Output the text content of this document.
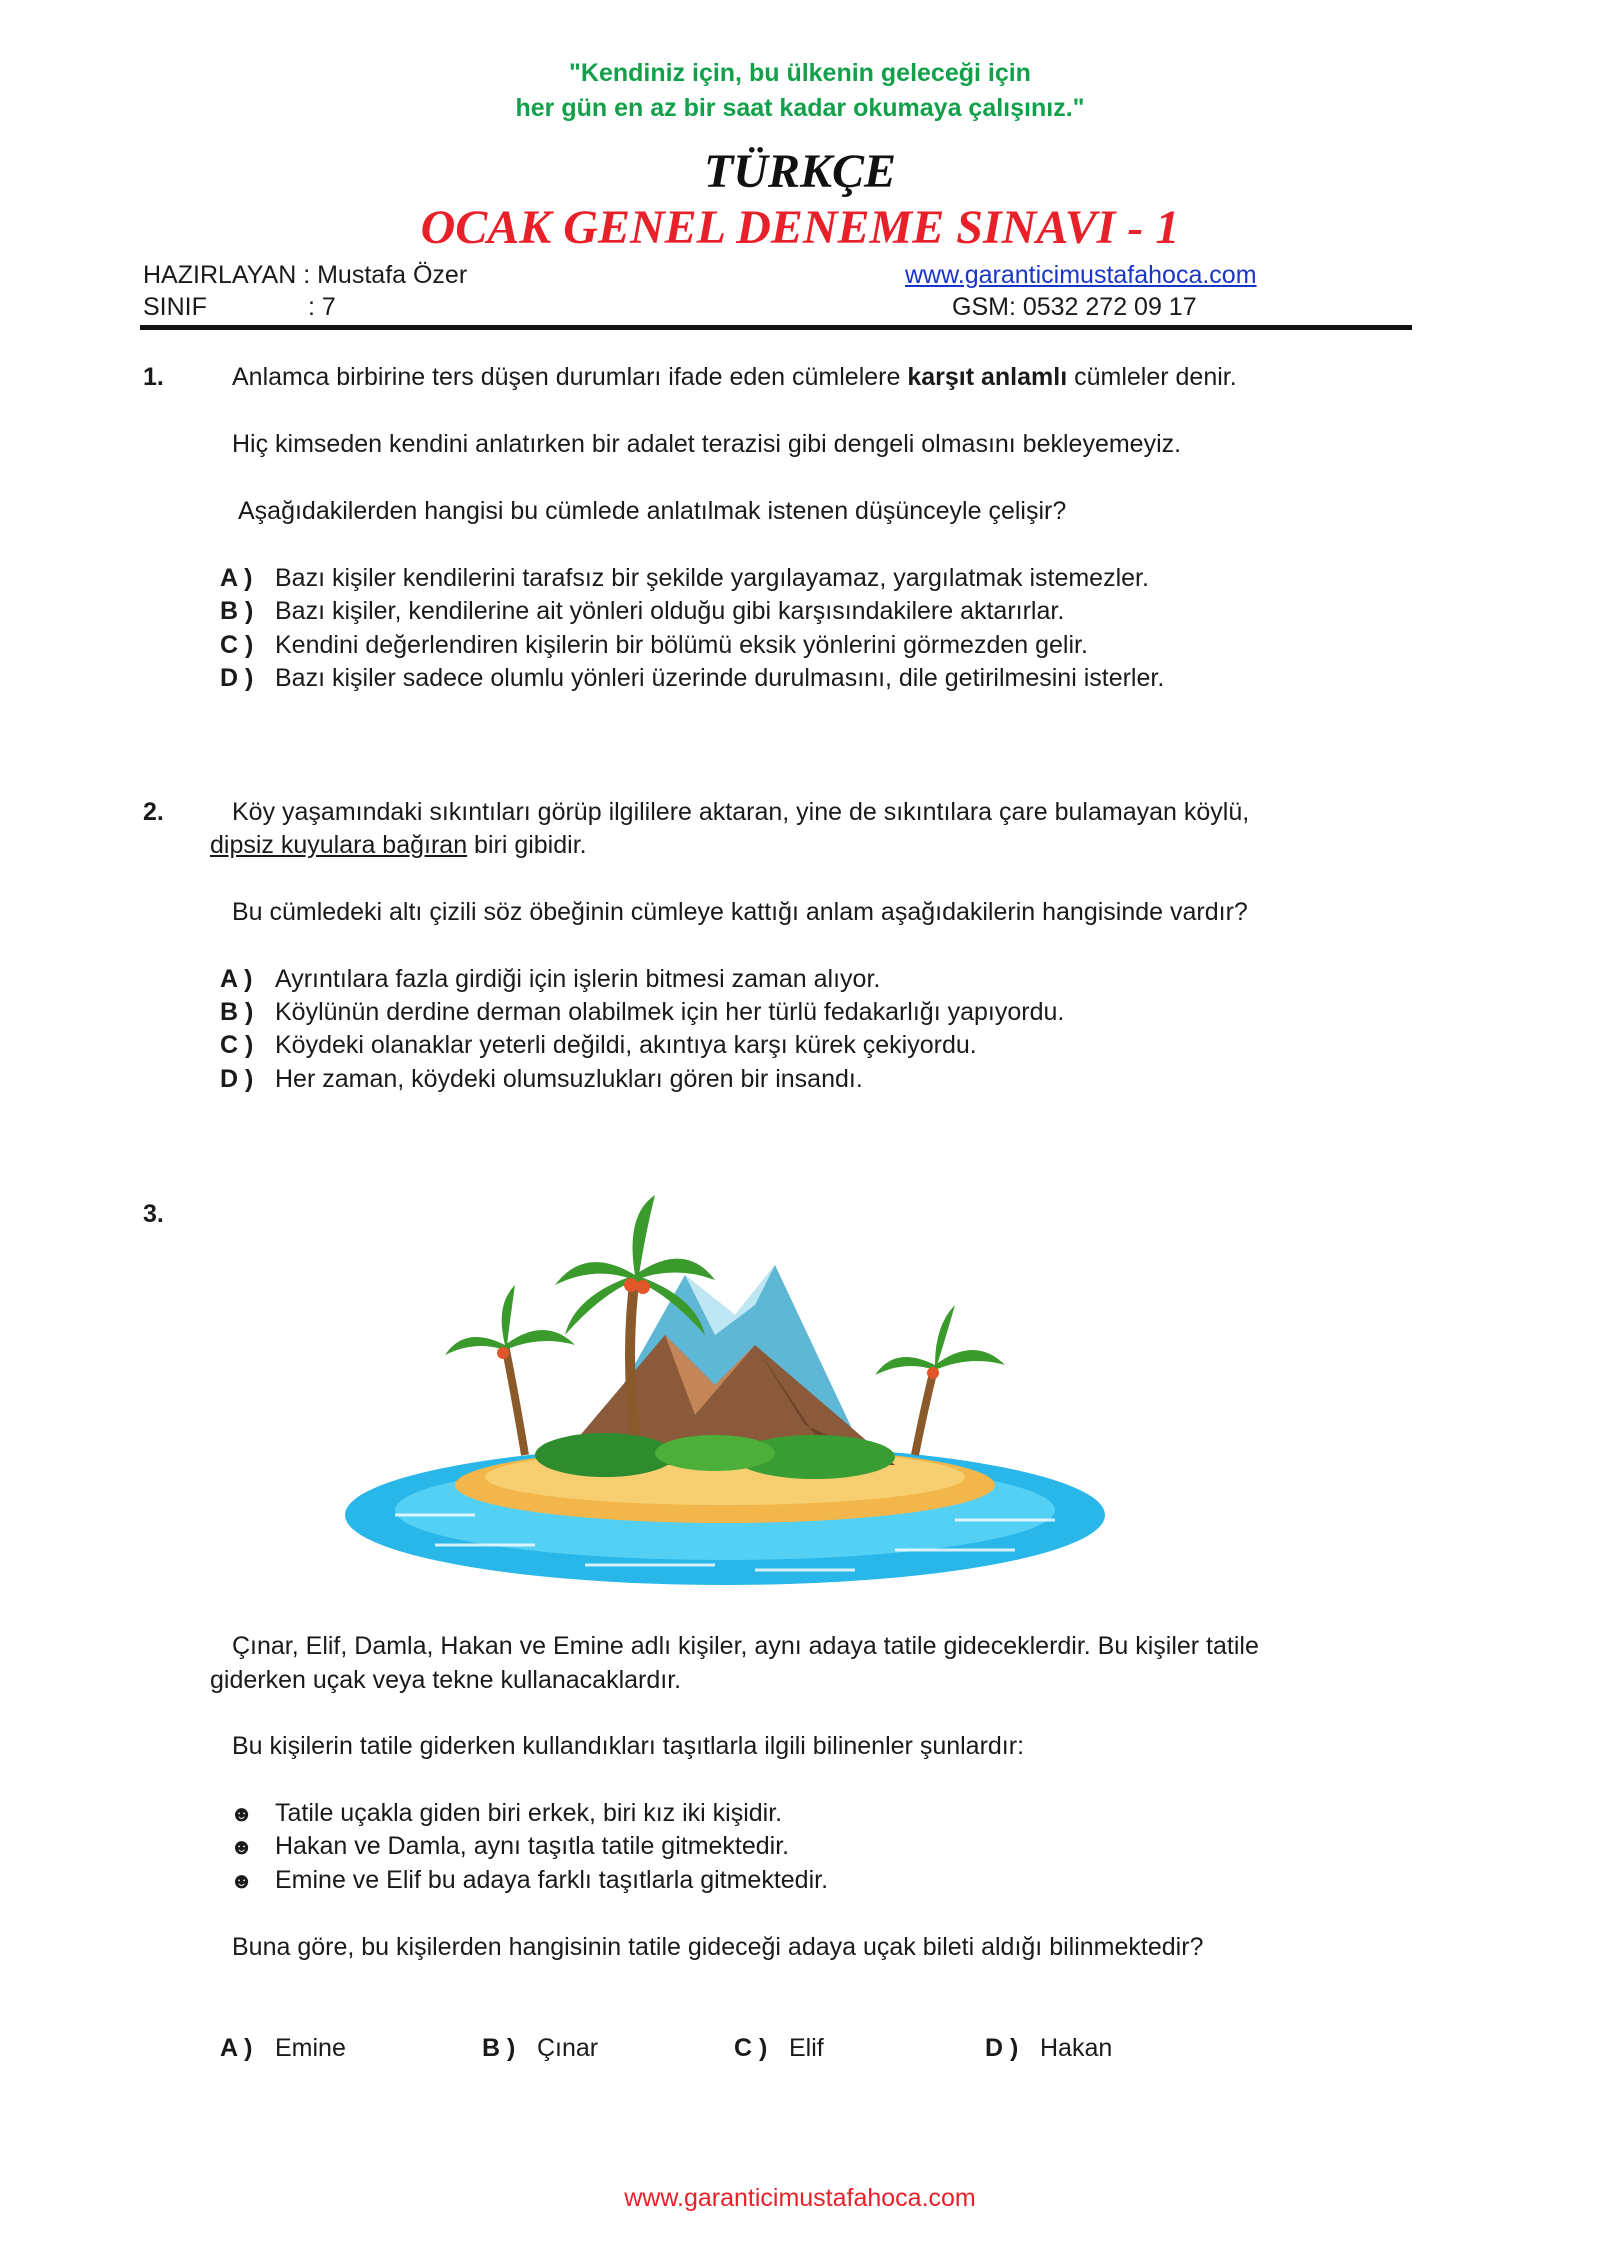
"Kendiniz için, bu ülkenin geleceği için
her gün en az bir saat kadar okumaya çalışınız."
TÜRKÇE
OCAK GENEL DENEME SINAVI - 1
HAZIRLAYAN : Mustafa Özer	www.garanticimustafahoca.com
SINIF	: 7	GSM: 0532 272 09 17
1.	Anlamca birbirine ters düşen durumları ifade eden cümlelere karşıt anlamlı cümleler denir.
Hiç kimseden kendini anlatırken bir adalet terazisi gibi dengeli olmasını bekleyemeyiz.
Aşağıdakilerden hangisi bu cümlede anlatılmak istenen düşünceyle çelişir?
A ) Bazı kişiler kendilerini tarafsız bir şekilde yargılayamaz, yargılatmak istemezler.
B ) Bazı kişiler, kendilerine ait yönleri olduğu gibi karşısındakilere aktarırlar.
C ) Kendini değerlendiren kişilerin bir bölümü eksik yönlerini görmezden gelir.
D ) Bazı kişiler sadece olumlu yönleri üzerinde durulmasını, dile getirilmesini isterler.
2.	Köy yaşamındaki sıkıntıları görüp ilgililere aktaran, yine de sıkıntılara çare bulamayan köylü,
dipsiz kuyulara bağıran biri gibidir.
Bu cümledeki altı çizili söz öbeğinin cümleye kattığı anlam aşağıdakilerin hangisinde vardır?
A ) Ayrıntılara fazla girdiği için işlerin bitmesi zaman alıyor.
B ) Köylünün derdine derman olabilmek için her türlü fedakarlığı yapıyordu.
C ) Köydeki olanaklar yeterli değildi, akıntıya karşı kürek çekiyordu.
D ) Her zaman, köydeki olumsuzlukları gören bir insandı.
3.
Çınar, Elif, Damla, Hakan ve Emine adlı kişiler, aynı adaya tatile gideceklerdir. Bu kişiler tatile
giderken uçak veya tekne kullanacaklardır.
Bu kişilerin tatile giderken kullandıkları taşıtlarla ilgili bilinenler şunlardır:
☻ Tatile uçakla giden biri erkek, biri kız iki kişidir.
☻ Hakan ve Damla, aynı taşıtla tatile gitmektedir.
☻ Emine ve Elif bu adaya farklı taşıtlarla gitmektedir.
Buna göre, bu kişilerden hangisinin tatile gideceği adaya uçak bileti aldığı bilinmektedir?
A ) Emine	B ) Çınar	C ) Elif	D ) Hakan
www.garanticimustafahoca.com
